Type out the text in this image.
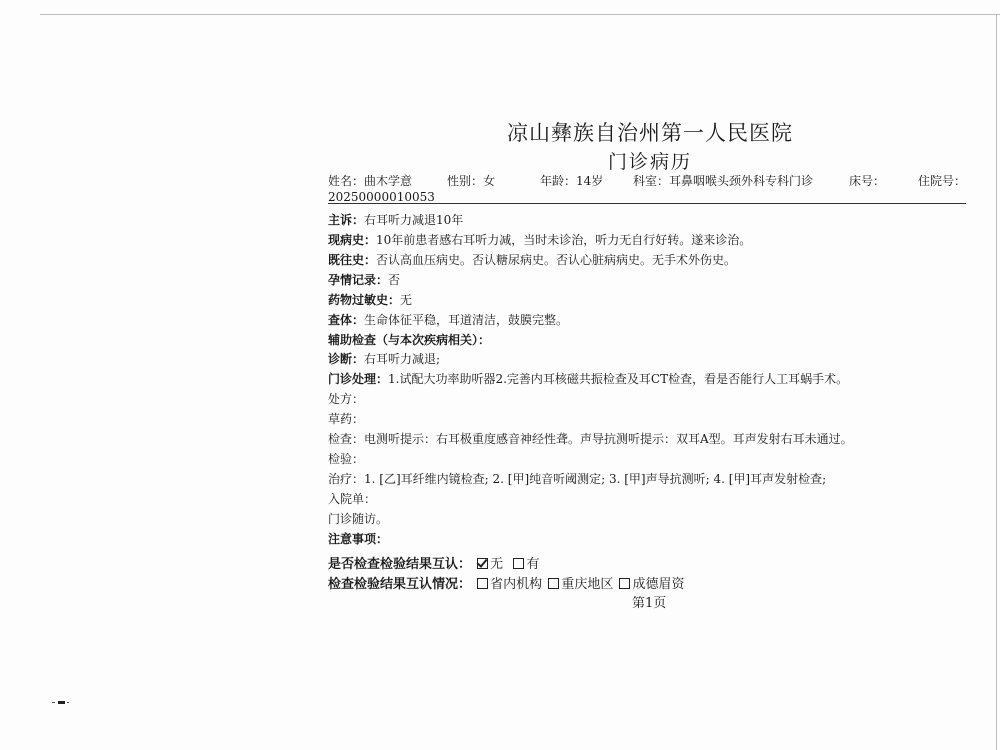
凉山彝族自治州第一人民医院
门诊病历
姓名：曲木学意	性别：女	年龄：14岁 科室：耳鼻咽喉头颈外科专科门诊	床号：	住院号：
20250000010053
主诉：右耳听力减退10年
现病史：10年前患者感右耳听力减，当时未诊治，听力无自行好转。遂来诊治。
既往史：否认高血压病史。否认糖尿病史。否认心脏病病史。无手术外伤史。
孕情记录：否
药物过敏史：无
查体：生命体征平稳，耳道清洁，鼓膜完整。
辅助检查（与本次疾病相关）：
诊断：右耳听力减退;
门诊处理：1.试配大功率助听器2.完善内耳核磁共振检查及耳CT检查，看是否能行人工耳蜗手术。
处方：
草药：
检查：电测听提示：右耳极重度感音神经性聋。声导抗测听提示：双耳A型。耳声发射右耳未通过。
检验：
治疗：1. [乙]耳纤维内镜检查; 2. [甲]纯音听阈测定; 3. [甲]声导抗测听; 4. [甲]耳声发射检查;
入院单：
门诊随访。
注意事项：
是否检查检验结果互认： 无 有
检查检验结果互认情况： 省内机构 重庆地区 成德眉资
第1页
